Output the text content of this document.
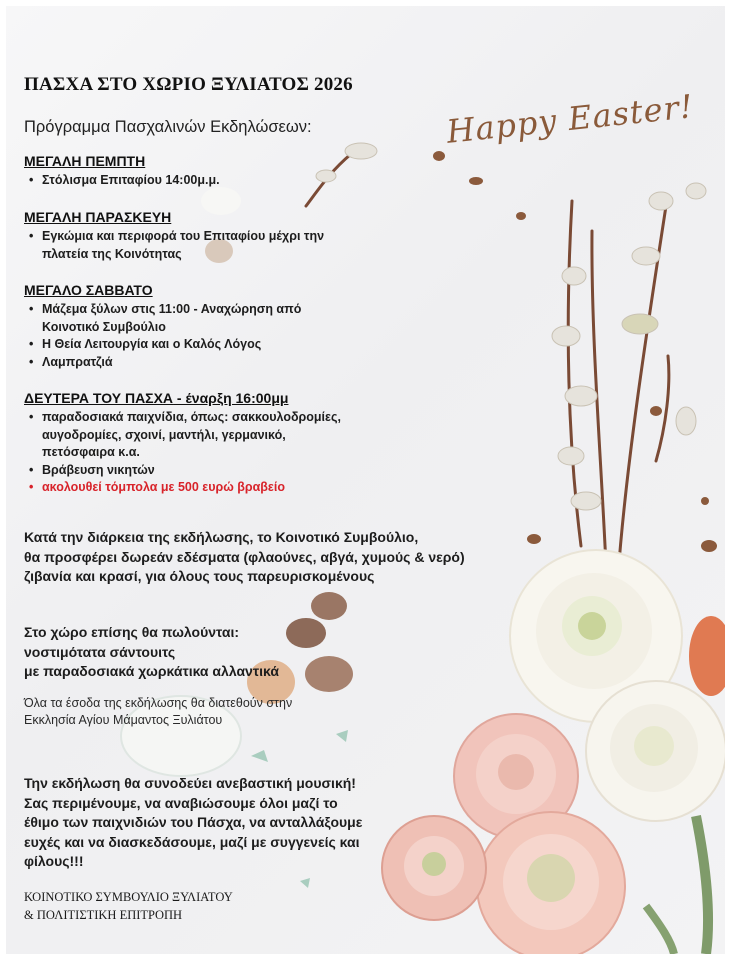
ΠΑΣΧΑ ΣΤΟ ΧΩΡΙΟ ΞΥΛΙΑΤΟΣ 2026
Happy Easter!
Πρόγραμμα Πασχαλινών Εκδηλώσεων:
ΜΕΓΑΛΗ ΠΕΜΠΤΗ
• Στόλισμα Επιταφίου 14:00μ.μ.
ΜΕΓΑΛΗ ΠΑΡΑΣΚΕΥΗ
• Εγκώμια και περιφορά του Επιταφίου μέχρι την
πλατεία της Κοινότητας
ΜΕΓΑΛΟ ΣΑΒΒΑΤΟ
• Μάζεμα ξύλων στις 11:00 - Αναχώρηση από
Κοινοτικό Συμβούλιο
• Η Θεία Λειτουργία και ο Καλός Λόγος
• Λαμπρατζιά
ΔΕΥΤΕΡΑ ΤΟΥ ΠΑΣΧΑ - έναρξη 16:00μμ
• παραδοσιακά παιχνίδια, όπως: σακκουλοδρομίες,
αυγοδρομίες, σχοινί, μαντήλι, γερμανικό,
πετόσφαιρα κ.α.
• Βράβευση νικητών
• ακολουθεί τόμπολα με 500 ευρώ βραβείο
Κατά την διάρκεια της εκδήλωσης, το Κοινοτικό Συμβούλιο,
θα προσφέρει δωρεάν εδέσματα (φλαούνες, αβγά, χυμούς & νερό)
ζιβανία και κρασί, για όλους τους παρευρισκομένους
Στο χώρο επίσης θα πωλούνται:
νοστιμότατα σάντουιτς
με παραδοσιακά χωρκάτικα αλλαντικά
Όλα τα έσοδα της εκδήλωσης θα διατεθούν στην
Εκκλησία Αγίου Μάμαντος Ξυλιάτου
Την εκδήλωση θα συνοδεύει ανεβαστική μουσική!
Σας περιμένουμε, να αναβιώσουμε όλοι μαζί το
έθιμο των παιχνιδιών του Πάσχα, να ανταλλάξουμε
ευχές και να διασκεδάσουμε, μαζί με συγγενείς και
φίλους!!!
ΚΟΙΝΟΤΙΚΟ ΣΥΜΒΟΥΛΙΟ ΞΥΛΙΑΤΟΥ
& ΠΟΛΙΤΙΣΤΙΚΗ ΕΠΙΤΡΟΠΗ
